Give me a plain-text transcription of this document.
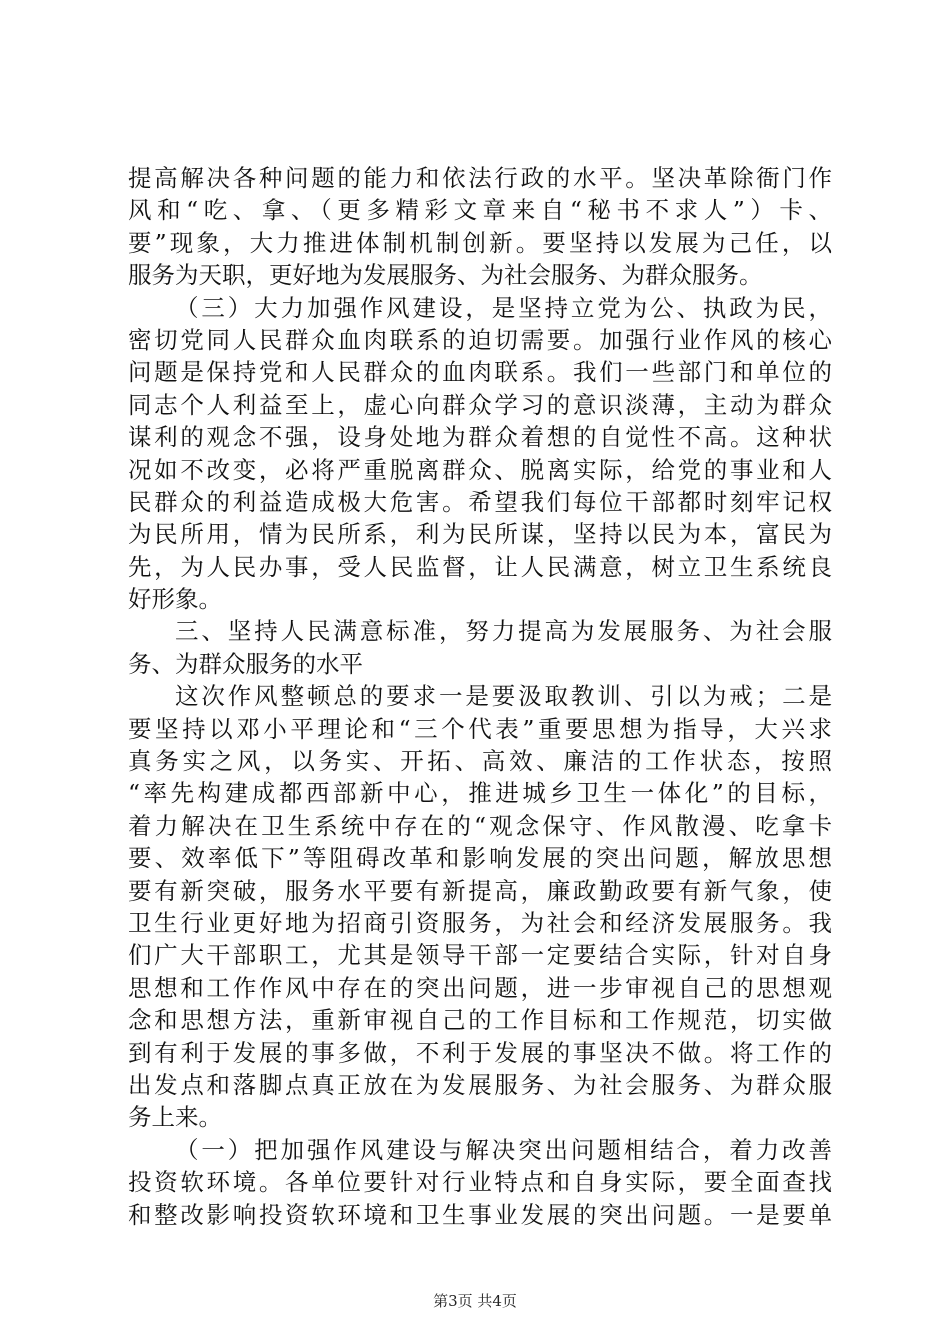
提高解决各种问题的能力和依法行政的水平。坚决革除衙门作
风和“吃、拿、（更多精彩文章来自“秘书不求人”）卡、
要”现象，大力推进体制机制创新。要坚持以发展为己任，以
服务为天职，更好地为发展服务、为社会服务、为群众服务。
（三）大力加强作风建设，是坚持立党为公、执政为民，
密切党同人民群众血肉联系的迫切需要。加强行业作风的核心
问题是保持党和人民群众的血肉联系。我们一些部门和单位的
同志个人利益至上，虚心向群众学习的意识淡薄，主动为群众
谋利的观念不强，设身处地为群众着想的自觉性不高。这种状
况如不改变，必将严重脱离群众、脱离实际，给党的事业和人
民群众的利益造成极大危害。希望我们每位干部都时刻牢记权
为民所用，情为民所系，利为民所谋，坚持以民为本，富民为
先，为人民办事，受人民监督，让人民满意，树立卫生系统良
好形象。
三、坚持人民满意标准，努力提高为发展服务、为社会服
务、为群众服务的水平
这次作风整顿总的要求一是要汲取教训、引以为戒；二是
要坚持以邓小平理论和“三个代表”重要思想为指导，大兴求
真务实之风，以务实、开拓、高效、廉洁的工作状态，按照
“率先构建成都西部新中心，推进城乡卫生一体化”的目标，
着力解决在卫生系统中存在的“观念保守、作风散漫、吃拿卡
要、效率低下”等阻碍改革和影响发展的突出问题，解放思想
要有新突破，服务水平要有新提高，廉政勤政要有新气象，使
卫生行业更好地为招商引资服务，为社会和经济发展服务。我
们广大干部职工，尤其是领导干部一定要结合实际，针对自身
思想和工作作风中存在的突出问题，进一步审视自己的思想观
念和思想方法，重新审视自己的工作目标和工作规范，切实做
到有利于发展的事多做，不利于发展的事坚决不做。将工作的
出发点和落脚点真正放在为发展服务、为社会服务、为群众服
务上来。
（一）把加强作风建设与解决突出问题相结合，着力改善
投资软环境。各单位要针对行业特点和自身实际，要全面查找
和整改影响投资软环境和卫生事业发展的突出问题。一是要单
第3页 共4页
